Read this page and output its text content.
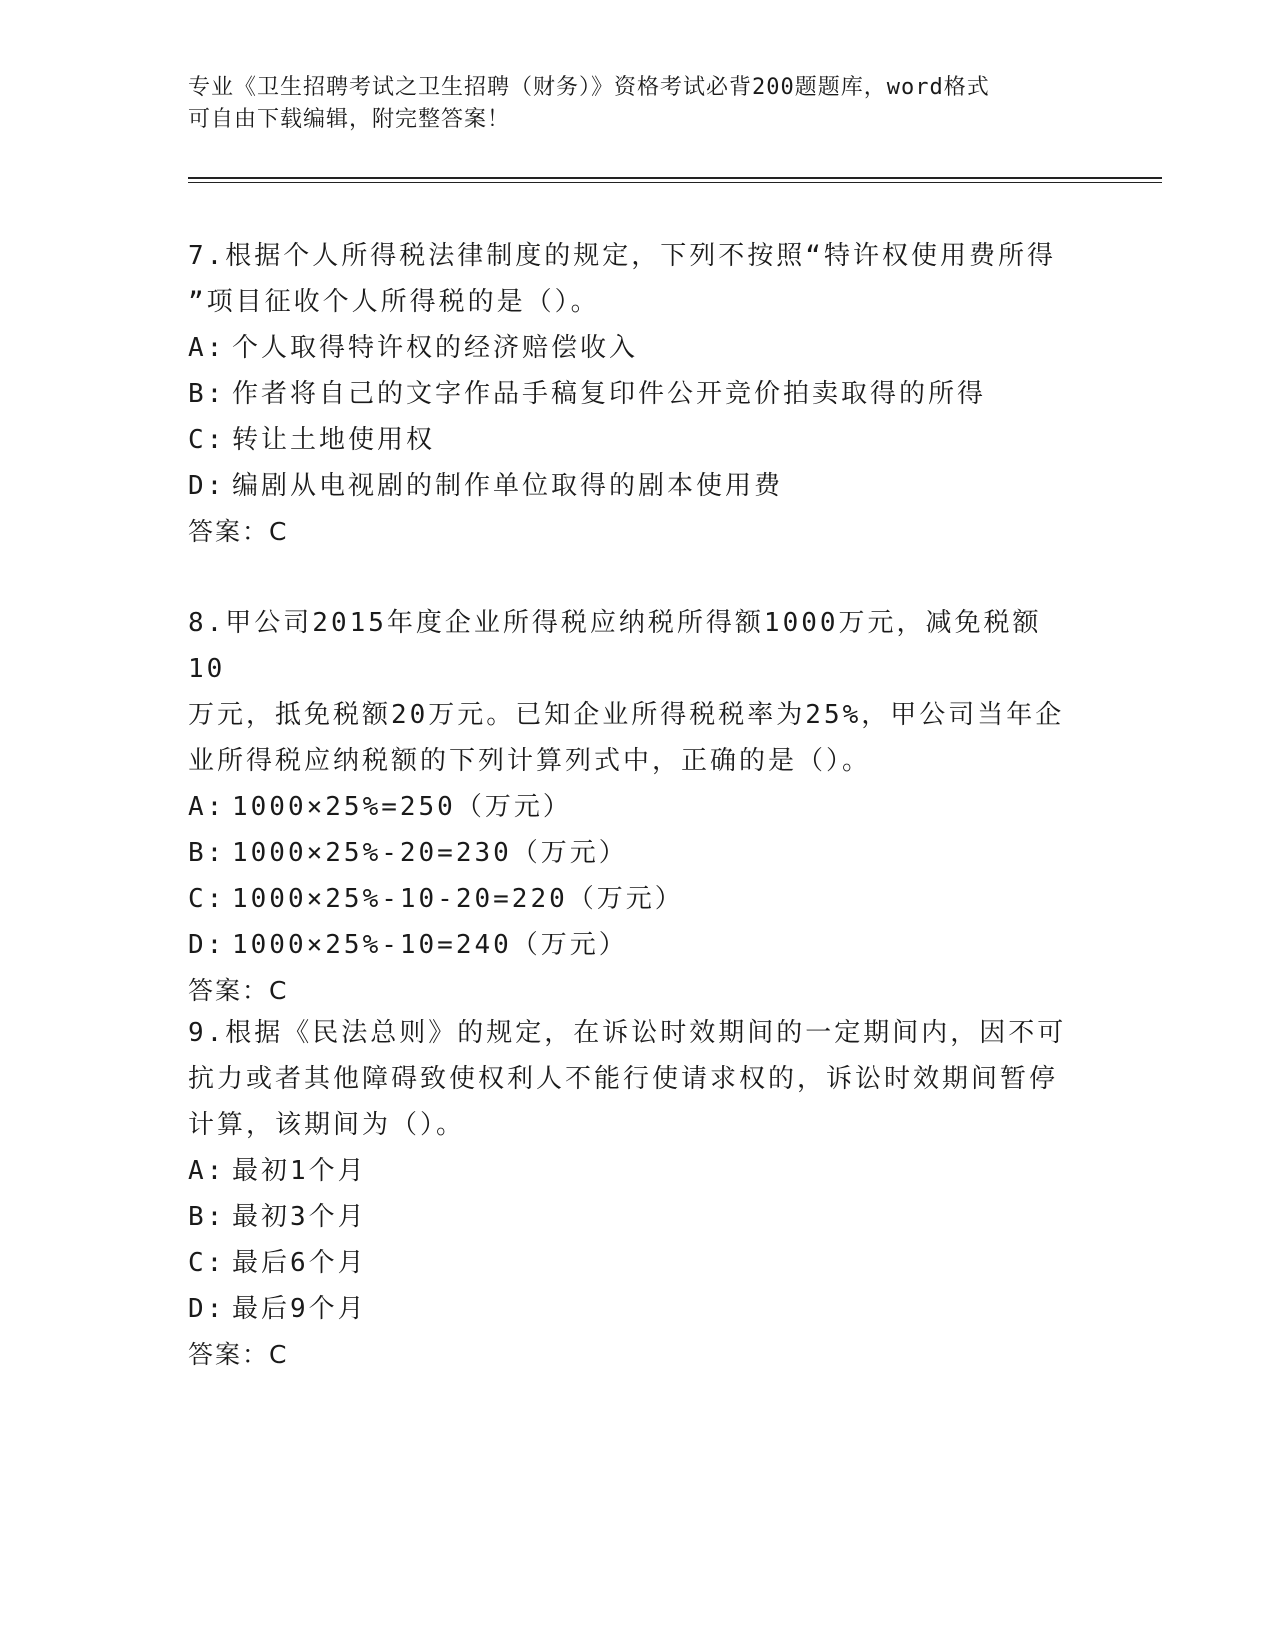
专业《卫生招聘考试之卫生招聘（财务）》资格考试必背200题题库，word格式
可自由下载编辑，附完整答案！

7.根据个人所得税法律制度的规定，下列不按照“特许权使用费所得
”项目征收个人所得税的是（）。

A: 个人取得特许权的经济赔偿收入

B: 作者将自己的文字作品手稿复印件公开竞价拍卖取得的所得

C: 转让土地使用权

D: 编剧从电视剧的制作单位取得的剧本使用费

答案：C

8.甲公司2015年度企业所得税应纳税所得额1000万元，减免税额10
万元，抵免税额20万元。已知企业所得税税率为25%，甲公司当年企
业所得税应纳税额的下列计算列式中，正确的是（）。

A: 1000×25%=250（万元）

B: 1000×25%-20=230（万元）

C: 1000×25%-10-20=220（万元）

D: 1000×25%-10=240（万元）

答案：C

9.根据《民法总则》的规定，在诉讼时效期间的一定期间内，因不可
抗力或者其他障碍致使权利人不能行使请求权的，诉讼时效期间暂停
计算，该期间为（）。

A: 最初1个月

B: 最初3个月

C: 最后6个月

D: 最后9个月

答案：C
